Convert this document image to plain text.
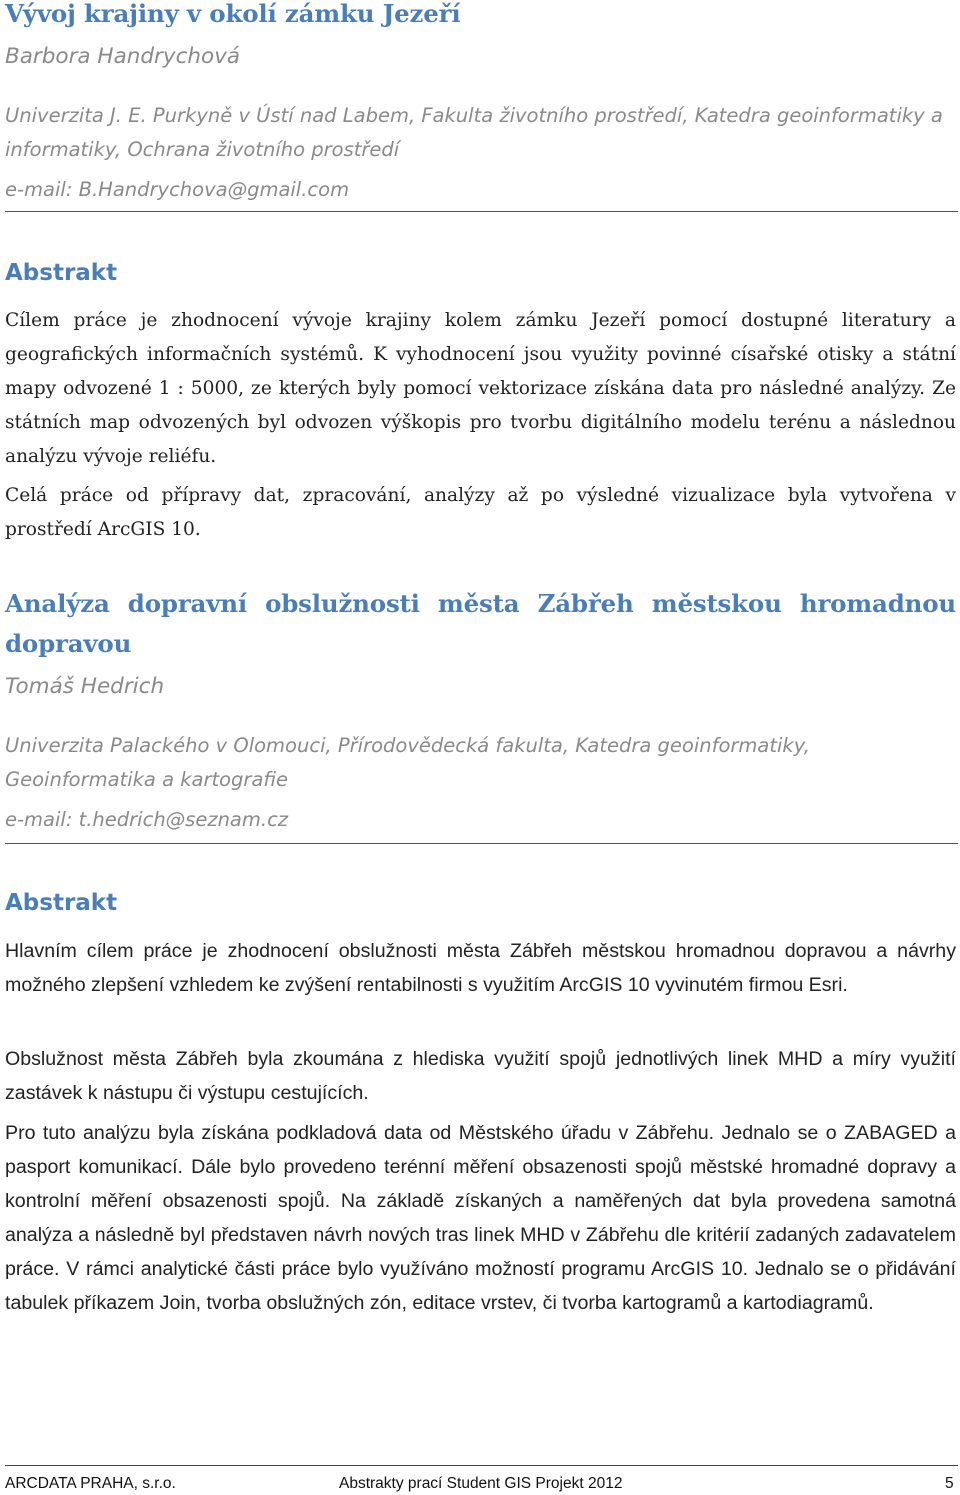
Vývoj krajiny v okolí zámku Jezeří

Barbora Handrychová

Univerzita J. E. Purkyně v Ústí nad Labem, Fakulta životního prostředí, Katedra geoinformatiky a informatiky, Ochrana životního prostředí

e-mail: B.Handrychova@gmail.com

Abstrakt

Cílem práce je zhodnocení vývoje krajiny kolem zámku Jezeří pomocí dostupné literatury a geografických informačních systémů. K vyhodnocení jsou využity povinné císařské otisky a státní mapy odvozené 1 : 5000, ze kterých byly pomocí vektorizace získána data pro následné analýzy. Ze státních map odvozených byl odvozen výškopis pro tvorbu digitálního modelu terénu a následnou analýzu vývoje reliéfu.

Celá práce od přípravy dat, zpracování, analýzy až po výsledné vizualizace byla vytvořena v prostředí ArcGIS 10.

Analýza dopravní obslužnosti města Zábřeh městskou hromadnou dopravou

Tomáš Hedrich

Univerzita Palackého v Olomouci, Přírodovědecká fakulta, Katedra geoinformatiky, Geoinformatika a kartografie

e-mail: t.hedrich@seznam.cz

Abstrakt

Hlavním cílem práce je zhodnocení obslužnosti města Zábřeh městskou hromadnou dopravou a návrhy možného zlepšení vzhledem ke zvýšení rentabilnosti s využitím ArcGIS 10 vyvinutém firmou Esri.

Obslužnost města Zábřeh byla zkoumána z hlediska využití spojů jednotlivých linek MHD a míry využití zastávek k nástupu či výstupu cestujících.

Pro tuto analýzu byla získána podkladová data od Městského úřadu v Zábřehu. Jednalo se o ZABAGED a pasport komunikací. Dále bylo provedeno terénní měření obsazenosti spojů městské hromadné dopravy a kontrolní měření obsazenosti spojů. Na základě získaných a naměřených dat byla provedena samotná analýza a následně byl představen návrh nových tras linek MHD v Zábřehu dle kritérií zadaných zadavatelem práce. V rámci analytické části práce bylo využíváno možností programu ArcGIS 10. Jednalo se o přidávání tabulek příkazem Join, tvorba obslužných zón, editace vrstev, či tvorba kartogramů a kartodiagramů.

ARCDATA PRAHA, s.r.o.	Abstrakty prací Student GIS Projekt 2012	5
